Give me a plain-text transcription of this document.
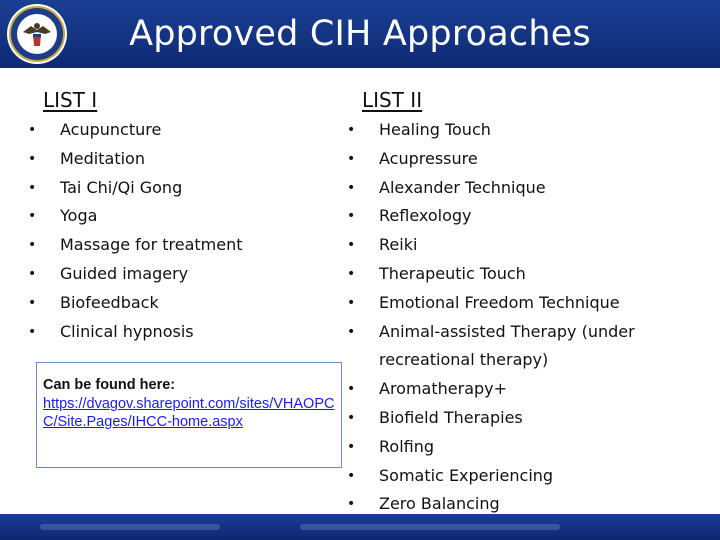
Approved CIH Approaches
LIST I
• Acupuncture
• Meditation
• Tai Chi/Qi Gong
• Yoga
• Massage for treatment
• Guided imagery
• Biofeedback
• Clinical hypnosis
LIST II
• Healing Touch
• Acupressure
• Alexander Technique
• Reflexology
• Reiki
• Therapeutic Touch
• Emotional Freedom Technique
• Animal-assisted Therapy (under recreational therapy)
• Aromatherapy+
• Biofield Therapies
• Rolfing
• Somatic Experiencing
• Zero Balancing
Can be found here:
https://dvagov.sharepoint.com/sites/VHAOPCC/Site.Pages/IHCC-home.aspx
